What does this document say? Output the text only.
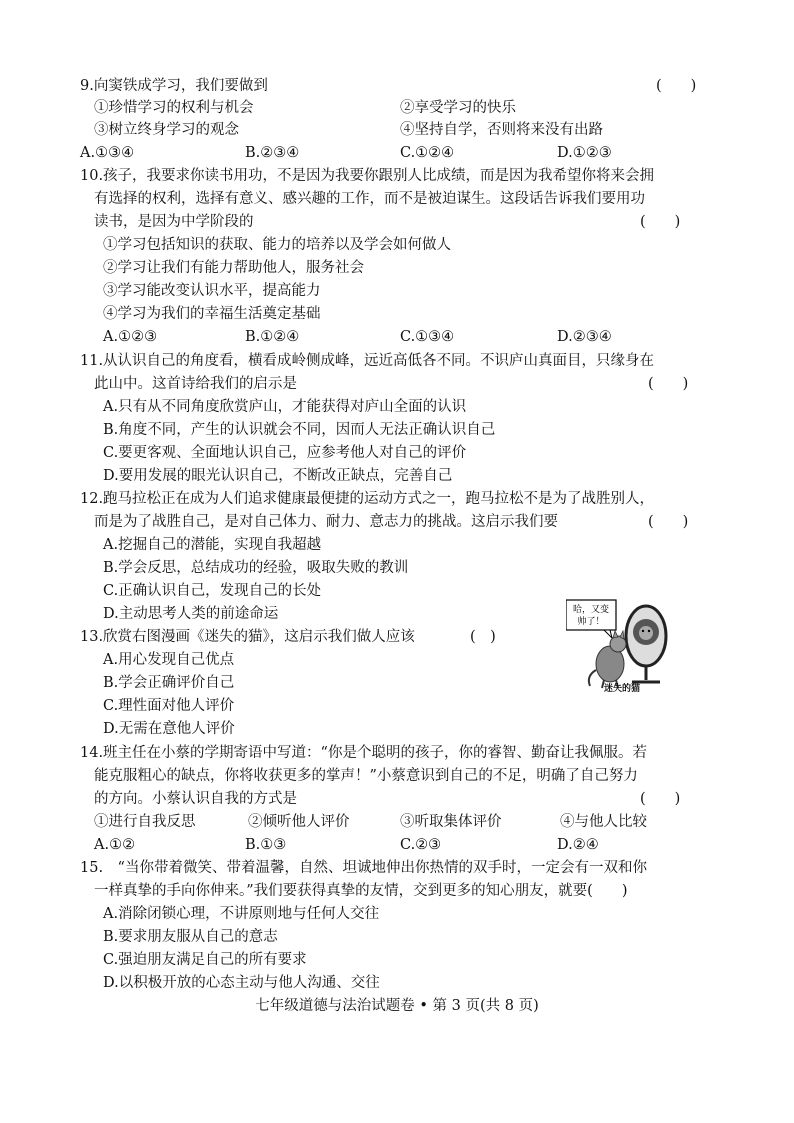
9.向窦铁成学习，我们要做到	(　　)
①珍惜学习的权利与机会	②享受学习的快乐
③树立终身学习的观念	④坚持自学，否则将来没有出路
A.①③④	B.②③④	C.①②④	D.①②③
10.孩子，我要求你读书用功，不是因为我要你跟别人比成绩，而是因为我希望你将来会拥
有选择的权利，选择有意义、感兴趣的工作，而不是被迫谋生。这段话告诉我们要用功
读书，是因为中学阶段的	(　　)
①学习包括知识的获取、能力的培养以及学会如何做人
②学习让我们有能力帮助他人，服务社会
③学习能改变认识水平，提高能力
④学习为我们的幸福生活奠定基础
A.①②③	B.①②④	C.①③④	D.②③④
11.从认识自己的角度看，横看成岭侧成峰，远近高低各不同。不识庐山真面目，只缘身在
此山中。这首诗给我们的启示是	(　　)
A.只有从不同角度欣赏庐山，才能获得对庐山全面的认识
B.角度不同，产生的认识就会不同，因而人无法正确认识自己
C.要更客观、全面地认识自己，应参考他人对自己的评价
D.要用发展的眼光认识自己，不断改正缺点，完善自己
12.跑马拉松正在成为人们追求健康最便捷的运动方式之一，跑马拉松不是为了战胜别人，
而是为了战胜自己，是对自己体力、耐力、意志力的挑战。这启示我们要	(　　)
A.挖掘自己的潜能，实现自我超越
B.学会反思，总结成功的经验，吸取失败的教训
C.正确认识自己，发现自己的长处
D.主动思考人类的前途命运
13.欣赏右图漫画《迷失的猫》，这启示我们做人应该	(　)
A.用心发现自己优点
B.学会正确评价自己
C.理性面对他人评价
D.无需在意他人评价
哈，又变
帅了！
迷失的猫
14.班主任在小蔡的学期寄语中写道：“你是个聪明的孩子，你的睿智、勤奋让我佩服。若
能克服粗心的缺点，你将收获更多的掌声！”小蔡意识到自己的不足，明确了自己努力
的方向。小蔡认识自我的方式是	(　　)
①进行自我反思	②倾听他人评价	③听取集体评价	④与他人比较
A.①②	B.①③	C.②③	D.②④
15.　“当你带着微笑、带着温馨，自然、坦诚地伸出你热情的双手时，一定会有一双和你
一样真挚的手向你伸来。”我们要获得真挚的友情，交到更多的知心朋友，就要(　　)
A.消除闭锁心理，不讲原则地与任何人交往
B.要求朋友服从自己的意志
C.强迫朋友满足自己的所有要求
D.以积极开放的心态主动与他人沟通、交往
七年级道德与法治试题卷 • 第 3 页(共 8 页)
